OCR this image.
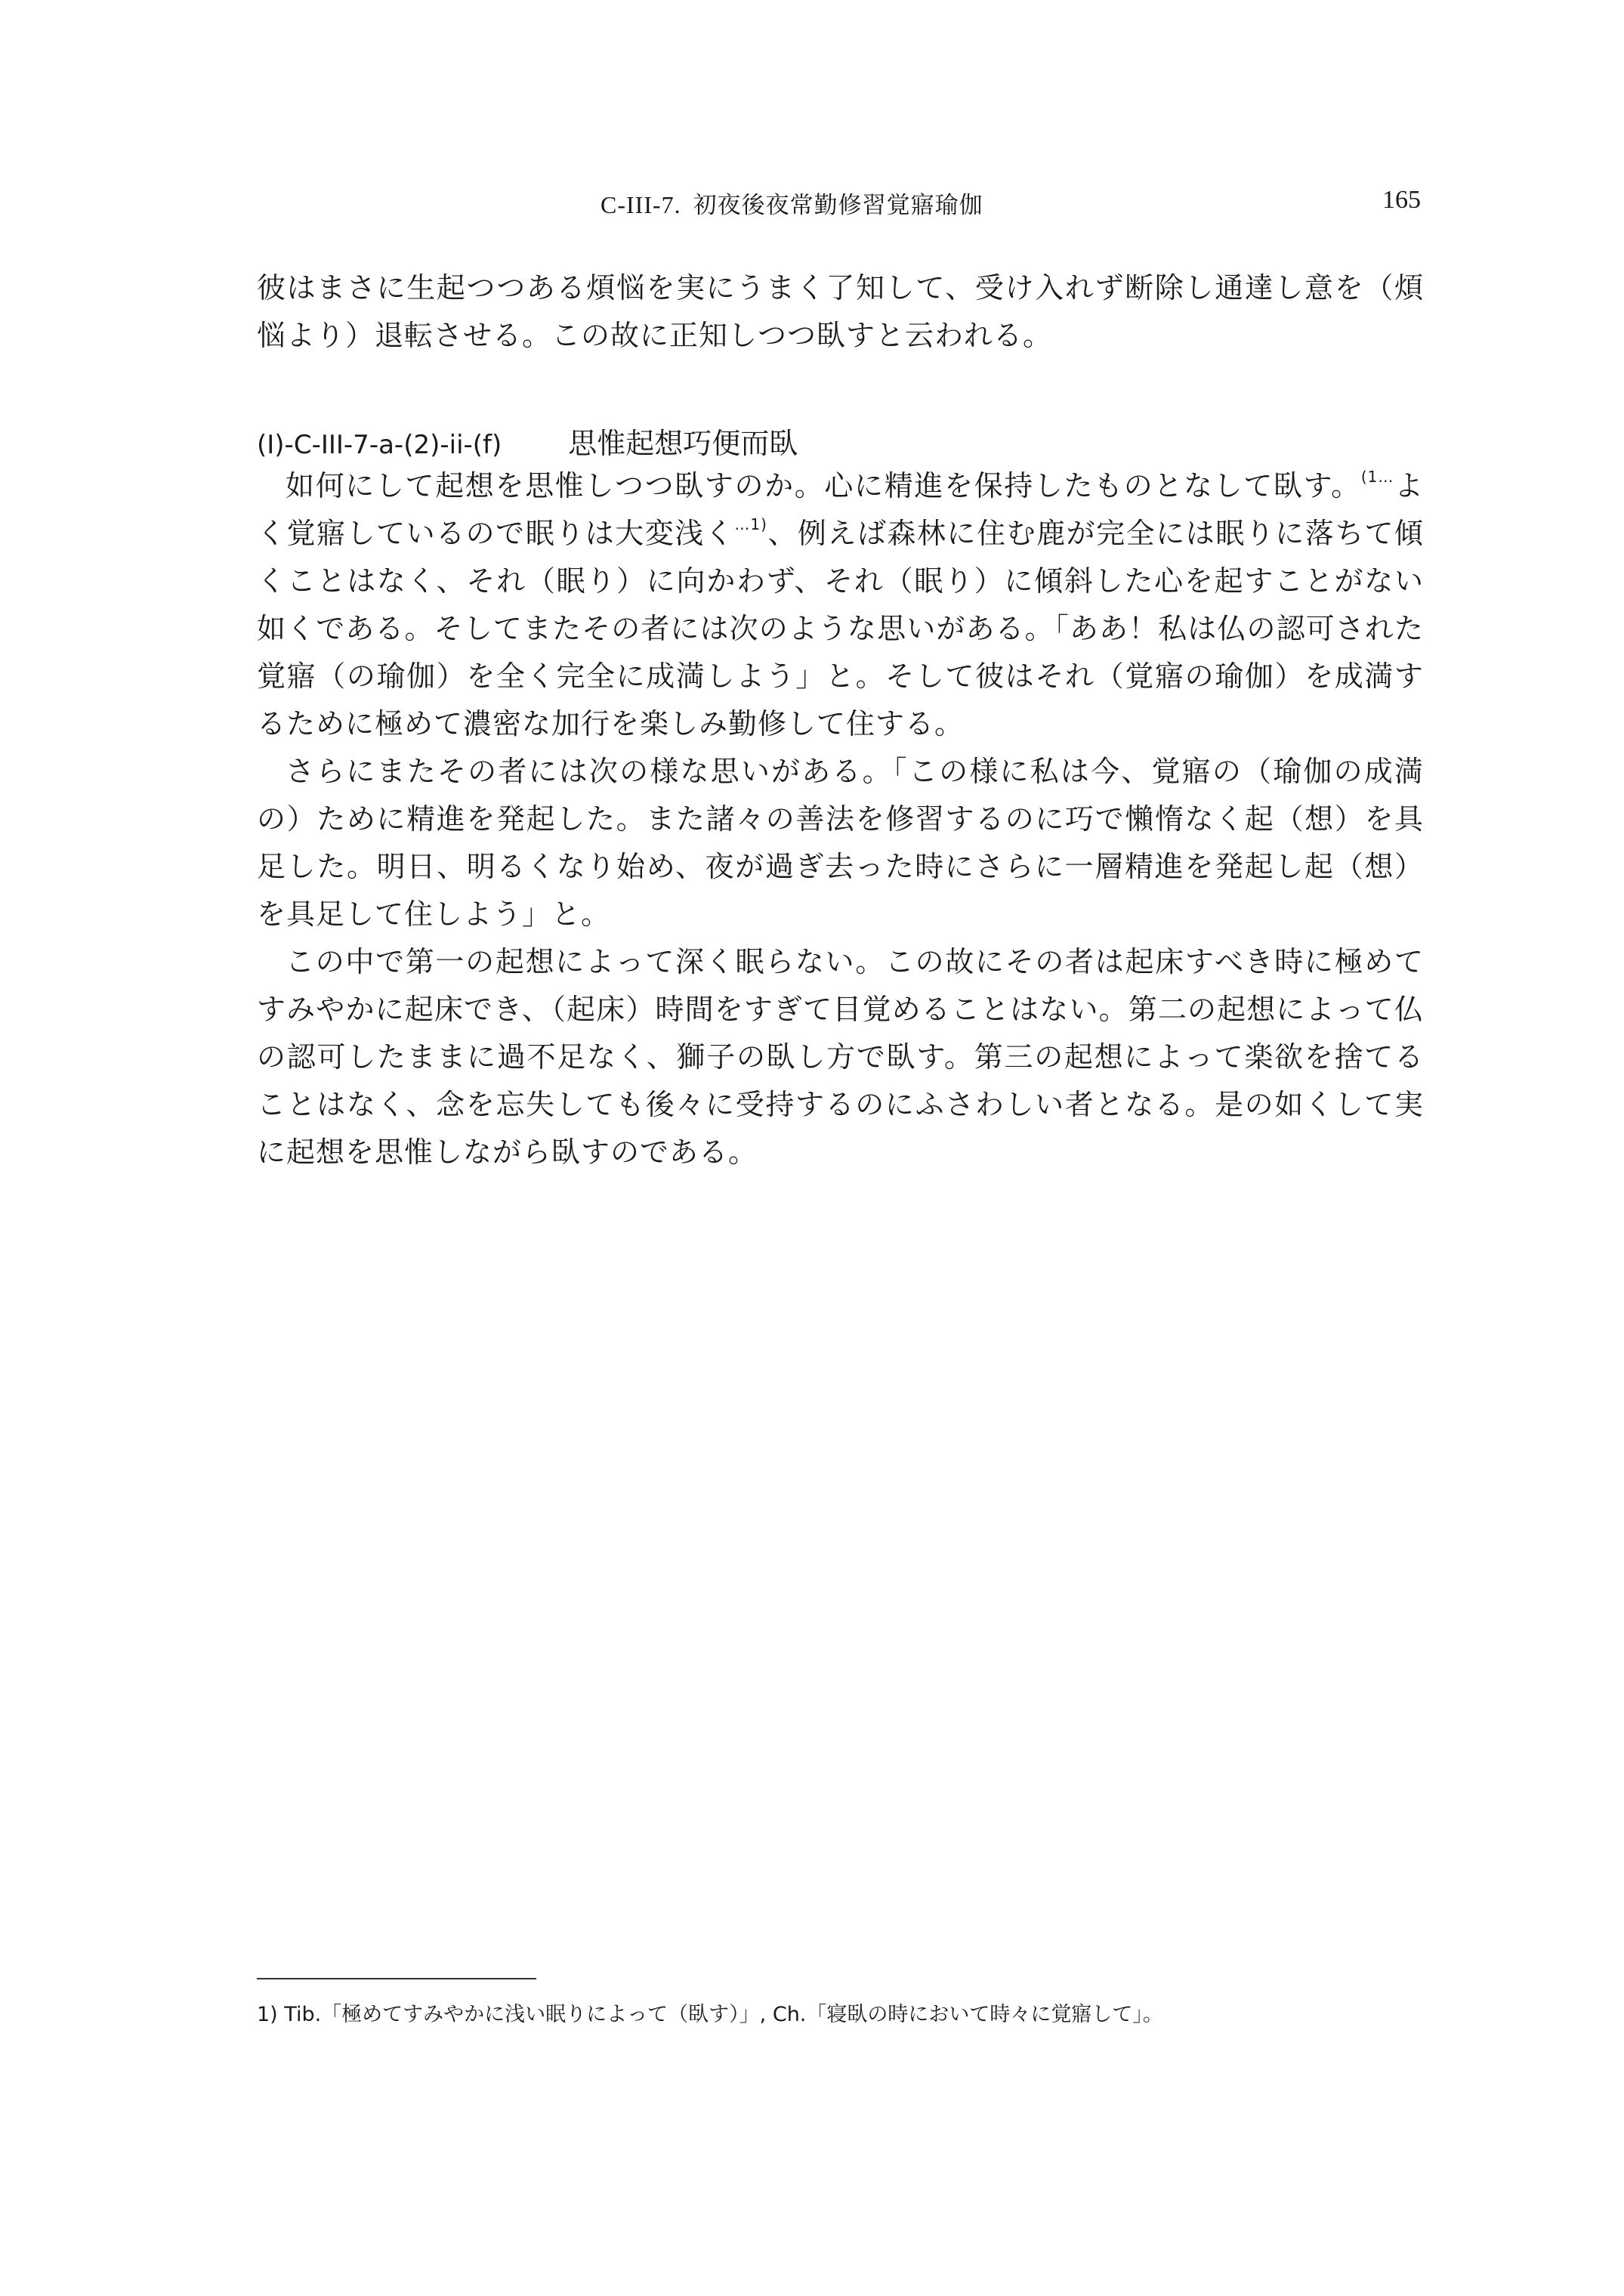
C-III-7. 初夜後夜常勤修習覚寤瑜伽	165

彼はまさに生起つつある煩悩を実にうまく了知して、受け入れず断除し通達し意を（煩悩より）退転させる。この故に正知しつつ臥すと云われる。

(I)-C-III-7-a-(2)-ii-(f) 思惟起想巧便而臥

如何にして起想を思惟しつつ臥すのか。心に精進を保持したものとなして臥す。$^{(1\dots}$よく覚寤しているので眠りは大変浅く$^{\dots 1)}$、例えば森林に住む鹿が完全には眠りに落ちて傾くことはなく、それ（眠り）に向かわず、それ（眠り）に傾斜した心を起すことがない如くである。そしてまたその者には次のような思いがある。「ああ！私は仏の認可された覚寤（の瑜伽）を全く完全に成満しよう」と。そして彼はそれ（覚寤の瑜伽）を成満するために極めて濃密な加行を楽しみ勤修して住する。

さらにまたその者には次の様な思いがある。「この様に私は今、覚寤の（瑜伽の成満の）ために精進を発起した。また諸々の善法を修習するのに巧で懶惰なく起（想）を具足した。明日、明るくなり始め、夜が過ぎ去った時にさらに一層精進を発起し起（想）を具足して住しよう」と。

この中で第一の起想によって深く眠らない。この故にその者は起床すべき時に極めてすみやかに起床でき、（起床）時間をすぎて目覚めることはない。第二の起想によって仏の認可したままに過不足なく、獅子の臥し方で臥す。第三の起想によって楽欲を捨てることはなく、念を忘失しても後々に受持するのにふさわしい者となる。是の如くして実に起想を思惟しながら臥すのである。

1) Tib.「極めてすみやかに浅い眠りによって（臥す）」, Ch.「寝臥の時において時々に覚寤して」。
